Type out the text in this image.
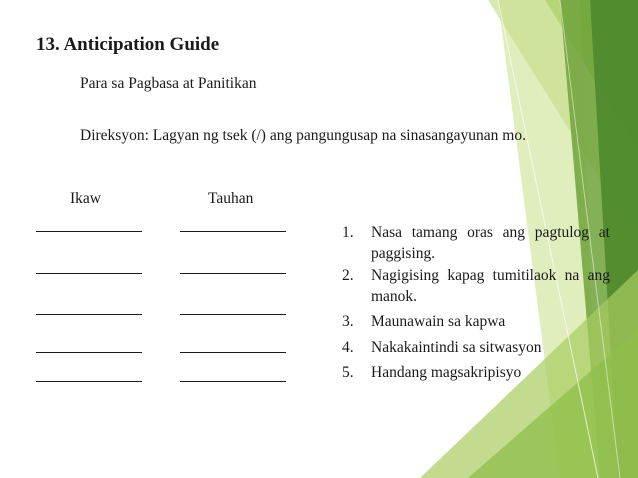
13. Anticipation Guide
Para sa Pagbasa at Panitikan
Direksyon: Lagyan ng tsek (/) ang pangungusap na sinasangayunan mo.
Ikaw	Tauhan
1. Nasa tamang oras ang pagtulog at paggising.
2. Nagigising kapag tumitilaok na ang manok.
3. Maunawain sa kapwa
4. Nakakaintindi sa sitwasyon
5. Handang magsakripisyo
